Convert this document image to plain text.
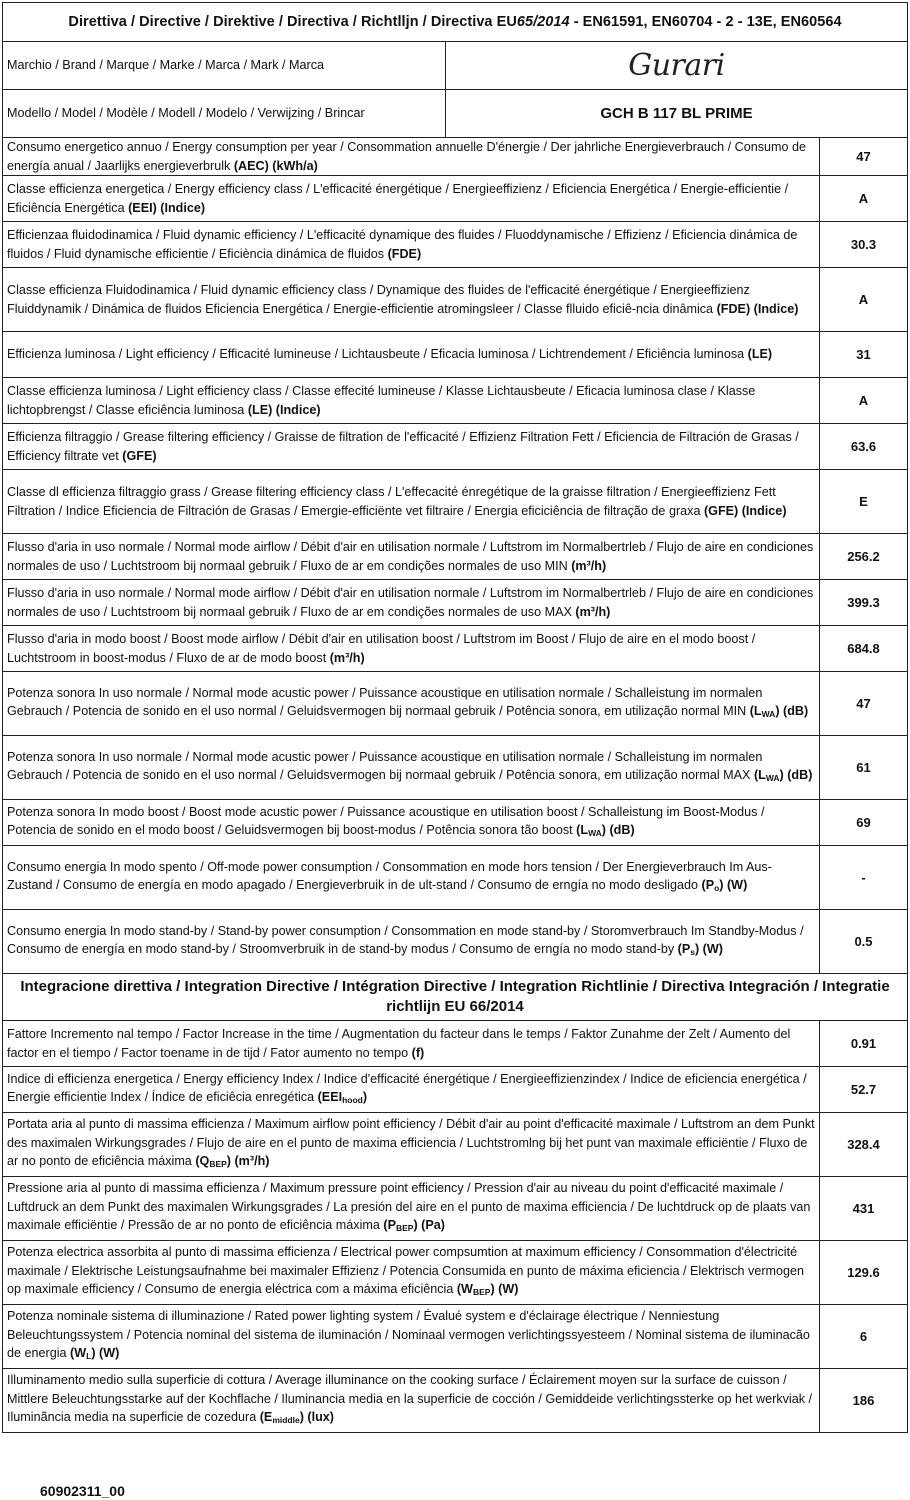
Direttiva / Directive / Direktive / Directiva / Richtlljn / Directiva EU65/2014 - EN61591, EN60704 - 2 - 13E, EN60564		
Marchio / Brand / Marque / Marke / Marca / Mark / Marca	Gurari	
Modello / Model / Modèle / Modell / Modelo / Verwijzing / Brincar	GCH B 117 BL PRIME	
Consumo energetico annuo / Energy consumption per year / Consommation annuelle D'énergie / Der jahrliche Energieverbrauch / Consumo de energía anual / Jaarlijks energieverbrulk (AEC) (kWh/a)		47
Classe efficienza energetica / Energy efficiency class / L'efficacité énergétique / Energieeffizienz / Eficiencia Energética / Energie-efficientie / Eficiência Energética (EEI) (Indice)		A
Efficienzaa fluidodinamica / Fluid dynamic efficiency / L'efficacité dynamique des fluides / Fluoddynamische / Effizienz / Eficiencia dinámica de fluidos / Fluid dynamische efficientie / Eficiència dinámica de fluidos (FDE)		30.3
Classe efficienza Fluidodinamica / Fluid dynamic efficiency class / Dynamique des fluides de l'efficacité énergétique / Energieeffizienz Fluiddynamik / Dinámica de fluidos Eficiencia Energética / Energie-efficientie atromingsleer / Classe flluido eficiê-ncia dinâmica (FDE) (Indice)		A
Efficienza luminosa / Light efficiency / Efficacité lumineuse / Lichtausbeute / Eficacia luminosa / Lichtrendement / Eficiência luminosa (LE)		31
Classe efficienza luminosa / Light efficiency class / Classe effecité lumineuse / Klasse Lichtausbeute / Eficacia luminosa clase / Klasse lichtopbrengst / Classe eficiência luminosa (LE) (Indice)		A
Efficienza filtraggio / Grease filtering efficiency / Graisse de filtration de l'efficacité / Effizienz Filtration Fett / Eficiencia de Filtración de Grasas / Efficiency filtrate vet (GFE)		63.6
Classe dl efficienza filtraggio grass / Grease filtering efficiency class / L'effecacité énregétique de la graisse filtration / Energieeffizienz Fett Filtration / Indice Eficiencia de Filtración de Grasas / Emergie-efficiënte vet filtraire / Energia eficiciência de filtração de graxa (GFE) (Indice)		E
Flusso d'aria in uso normale / Normal mode airflow / Débit d'air en utilisation normale / Luftstrom im Normalbertrleb / Flujo de aire en condiciones normales de uso / Luchtstroom bij normaal gebruik / Fluxo de ar em condições normales de uso MIN (m³/h)		256.2
Flusso d'aria in uso normale / Normal mode airflow / Débit d'air en utilisation normale / Luftstrom im Normalbertrleb / Flujo de aire en condiciones normales de uso / Luchtstroom bij normaal gebruik / Fluxo de ar em condições normales de uso MAX (m³/h)		399.3
Flusso d'aria in modo boost / Boost mode airflow / Débit d'air en utilisation boost / Luftstrom im Boost / Flujo de aire en el modo boost / Luchtstroom in boost-modus / Fluxo de ar de modo boost (m³/h)		684.8
Potenza sonora In uso normale / Normal mode acustic power / Puissance acoustique en utilisation normale / Schalleistung im normalen Gebrauch / Potencia de sonido en el uso normal / Geluidsvermogen bij normaal gebruik / Potência sonora, em utilização normal MIN $(L_{WA})$ (dB)		47
Potenza sonora In uso normale / Normal mode acustic power / Puissance acoustique en utilisation normale / Schalleistung im normalen Gebrauch / Potencia de sonido en el uso normal / Geluidsvermogen bij normaal gebruik / Potência sonora, em utilização normal MAX $(L_{WA})$ (dB)		61
Potenza sonora In modo boost / Boost mode acustic power / Puissance acoustique en utilisation boost / Schalleistung im Boost-Modus / Potencia de sonido en el modo boost / Geluidsvermogen bij boost-modus / Potência sonora tão boost $(L_{WA})$ (dB)		69
Consumo energia In modo spento / Off-mode power consumption / Consommation en mode hors tension / Der Energieverbrauch Im Aus-Zustand / Consumo de energía en modo apagado / Energieverbruik in de ult-stand / Consumo de erngía no modo desligado $(P_o)$ (W)		-
Consumo energia In modo stand-by / Stand-by power consumption / Consommation en mode stand-by / Storomverbrauch Im Standby-Modus / Consumo de energía en modo stand-by / Stroomverbruik in de stand-by modus / Consumo de erngía no modo stand-by $(P_s)$ (W)		0.5
Integracione direttiva / Integration Directive / Intégration Directive / Integration Richtlinie / Directiva Integración / Integratie richtlijn EU 66/2014		
Fattore Incremento nal tempo / Factor Increase in the time / Augmentation du facteur dans le temps / Faktor Zunahme der Zelt / Aumento del factor en el tiempo / Factor toename in de tijd / Fator aumento no tempo (f)		0.91
Indice di efficienza energetica / Energy efficiency Index / Indice d'efficacité énergétique / Energieeffizienzindex / Indice de eficiencia energética / Energie efficientie Index / Índice de eficiêcia enregética $(EEI_{hood})$		52.7
Portata aria al punto di massima efficienza / Maximum airflow point efficiency / Débit d'air au point d'efficacité maximale / Luftstrom an dem Punkt des maximalen Wirkungsgrades / Flujo de aire en el punto de maxima efficiencia / Luchtstromlng bij het punt van maximale efficiëntie / Fluxo de ar no ponto de eficiência máxima $(Q_{BEP})$ (m³/h)		328.4
Pressione aria al punto di massima efficienza / Maximum pressure point efficiency / Pression d'air au niveau du point d'efficacité maximale / Luftdruck an dem Punkt des maximalen Wirkungsgrades / La presión del aire en el punto de maxima efficiencia / De luchtdruck op de plaats van maximale efficiëntie / Pressão de ar no ponto de eficiência máxima $(P_{BEP})$ (Pa)		431
Potenza electrica assorbita al punto di massima efficienza / Electrical power compsumtion at maximum efficiency / Consommation d'électricité maximale / Elektrische Leistungsaufnahme bei maximaler Effizienz / Potencia Consumida en punto de máxima eficiencia / Elektrisch vermogen op maximale efficiency / Consumo de energia eléctrica com a máxima eficiência $(W_{BEP})$ (W)		129.6
Potenza nominale sistema di illuminazione / Rated power lighting system / Évalué system e d'éclairage électrique / Nenniestung Beleuchtungssystem / Potencia nominal del sistema de iluminación / Nominaal vermogen verlichtingssyesteem / Nominal sistema de iluminacão de energia $(W_L)$ (W)		6
Illuminamento medio sulla superficie di cottura / Average illuminance on the cooking surface / Éclairement moyen sur la surface de cuisson / Mittlere Beleuchtungsstarke auf der Kochflache / Iluminancia media en la superficie de cocción / Gemiddeide verlichtingssterke op het werkviak / Iluminãncia media na superficie de cozedura $(E_{middle})$ (lux)		186
60902311_00
